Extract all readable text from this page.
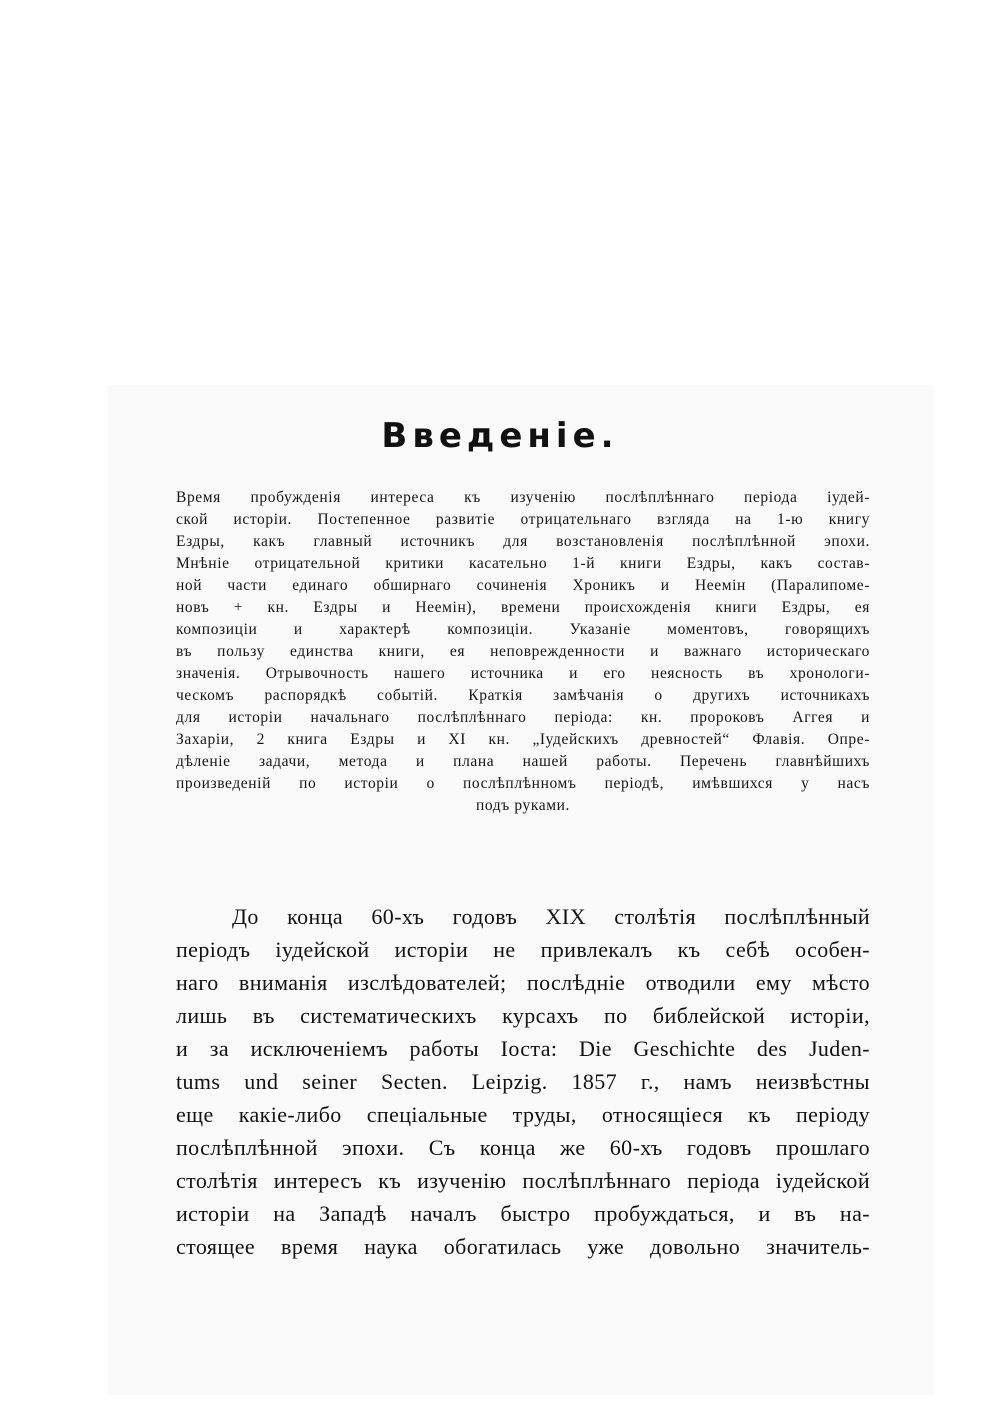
Введеніе.
Время пробужденія интереса къ изученію послѣплѣннаго періода іудей-
ской исторіи. Постепенное развитіе отрицательнаго взгляда на 1-ю книгу
Ездры, какъ главный источникъ для возстановленія послѣплѣнной эпохи.
Мнѣніе отрицательной критики касательно 1-й книги Ездры, какъ состав-
ной части единаго обширнаго сочиненія Хроникъ и Неемін (Паралипоме-
новъ + кн. Ездры и Неемін), времени происхожденія книги Ездры, ея
композиціи и характерѣ композиціи. Указаніе моментовъ, говорящихъ
въ пользу единства книги, ея неповрежденности и важнаго историческаго
значенія. Отрывочность нашего источника и его неясность въ хронологи-
ческомъ распорядкѣ событій. Краткія замѣчанія о другихъ источникахъ
для исторіи начальнаго послѣплѣннаго періода: кн. пророковъ Аггея и
Захаріи, 2 книга Ездры и XI кн. „Іудейскихъ древностей“ Флавія. Опре-
дѣленіе задачи, метода и плана нашей работы. Перечень главнѣйшихъ
произведеній по исторіи о послѣплѣнномъ періодѣ, имѣвшихся у насъ
подъ руками.
До конца 60-хъ годовъ XIX столѣтія послѣплѣнный
періодъ іудейской исторіи не привлекалъ къ себѣ особен-
наго вниманія изслѣдователей; послѣдніе отводили ему мѣсто
лишь въ систематическихъ курсахъ по библейской исторіи,
и за исключеніемъ работы Іоста: Die Geschichte des Juden-
tums und seiner Secten. Leipzig. 1857 г., намъ неизвѣстны
еще какіе-либо спеціальные труды, относящіеся къ періоду
послѣплѣнной эпохи. Съ конца же 60-хъ годовъ прошлаго
столѣтія интересъ къ изученію послѣплѣннаго періода іудейской
исторіи на Западѣ началъ быстро пробуждаться, и въ на-
стоящее время наука обогатилась уже довольно значитель-
